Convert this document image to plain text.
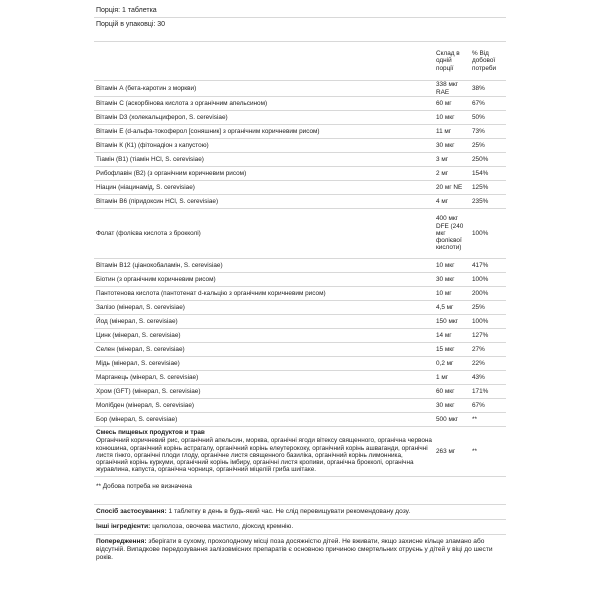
Порція: 1 таблетка
Порцій в упаковці: 30
	Склад в одній порції	% Від добової потреби
Вітамін А (бета-каротин з моркви)	338 мкг RAE	38%
Вітамін С (аскорбінова кислота з органічним апельсином)	60 мг	67%
Вітамін D3 (холекальциферол, S. cerevisiae)	10 мкг	50%
Вітамін Е (d-альфа-токоферол [соняшник] з органічним коричневим рисом)	11 мг	73%
Вітамін К (К1) (фітонадіон з капустою)	30 мкг	25%
Тіамін (В1) (тіамін HCl, S. cerevisiae)	3 мг	250%
Рибофлавін (В2) (з органічним коричневим рисом)	2 мг	154%
Ніацин (ніацинамід, S. cerevisiae)	20 мг NE	125%
Вітамін В6 (піридоксин HCl, S. cerevisiae)	4 мг	235%
Фолат (фолієва кислота з брокколі)	400 мкг DFE (240 мкг фолієвої кислоти)	100%
Вітамін В12 (ціанокобаламін, S. cerevisiae)	10 мкг	417%
Біотин (з органічним коричневим рисом)	30 мкг	100%
Пантотенова кислота (пантотенат d-кальцію з органічним коричневим рисом)	10 мг	200%
Залізо (мінерал, S. cerevisiae)	4,5 мг	25%
Йод (мінерал, S. cerevisiae)	150 мкг	100%
Цинк (мінерал, S. cerevisiae)	14 мг	127%
Селен (мінерал, S. cerevisiae)	15 мкг	27%
Мідь (мінерал, S. cerevisiae)	0,2 мг	22%
Марганець (мінерал, S. cerevisiae)	1 мг	43%
Хром (GFT) (мінерал, S. cerevisiae)	60 мкг	171%
Молібден (мінерал, S. cerevisiae)	30 мкг	67%
Бор (мінерал, S. cerevisiae)	500 мкг	**

Смесь пищевых продуктов и трав
Органічний коричневий рис, органічний апельсин, морква, органічні ягоди вітексу священного, органічна червона конюшина, органічний корінь астрагалу, органічний корінь елеутерококу, органічний корінь ашваганди, органічні листя гінкго, органічні плоди глоду, органічне листя священного базиліка, органічний корінь лимонника, органічний корінь куркуми, органічний корінь імбиру, органічні листя кропиви, органічна брокколі, органічна журавлина, капуста, органічна чорниця, органічний міцелій гриба шиітаке.	263 мг	**
** Добова потреба не визначена
Спосіб застосування: 1 таблетку в день в будь-який час. Не слід перевищувати рекомендовану дозу.
Інші інгредієнти: целюлоза, овочева мастило, діоксид кремнію.
Попередження: зберігати в сухому, прохолодному місці поза досяжністю дітей. Не вживати, якщо захисне кільце зламано або відсутній. Випадкове передозування залізовмісних препаратів є основною причиною смертельних отруєнь у дітей у віці до шести років.
